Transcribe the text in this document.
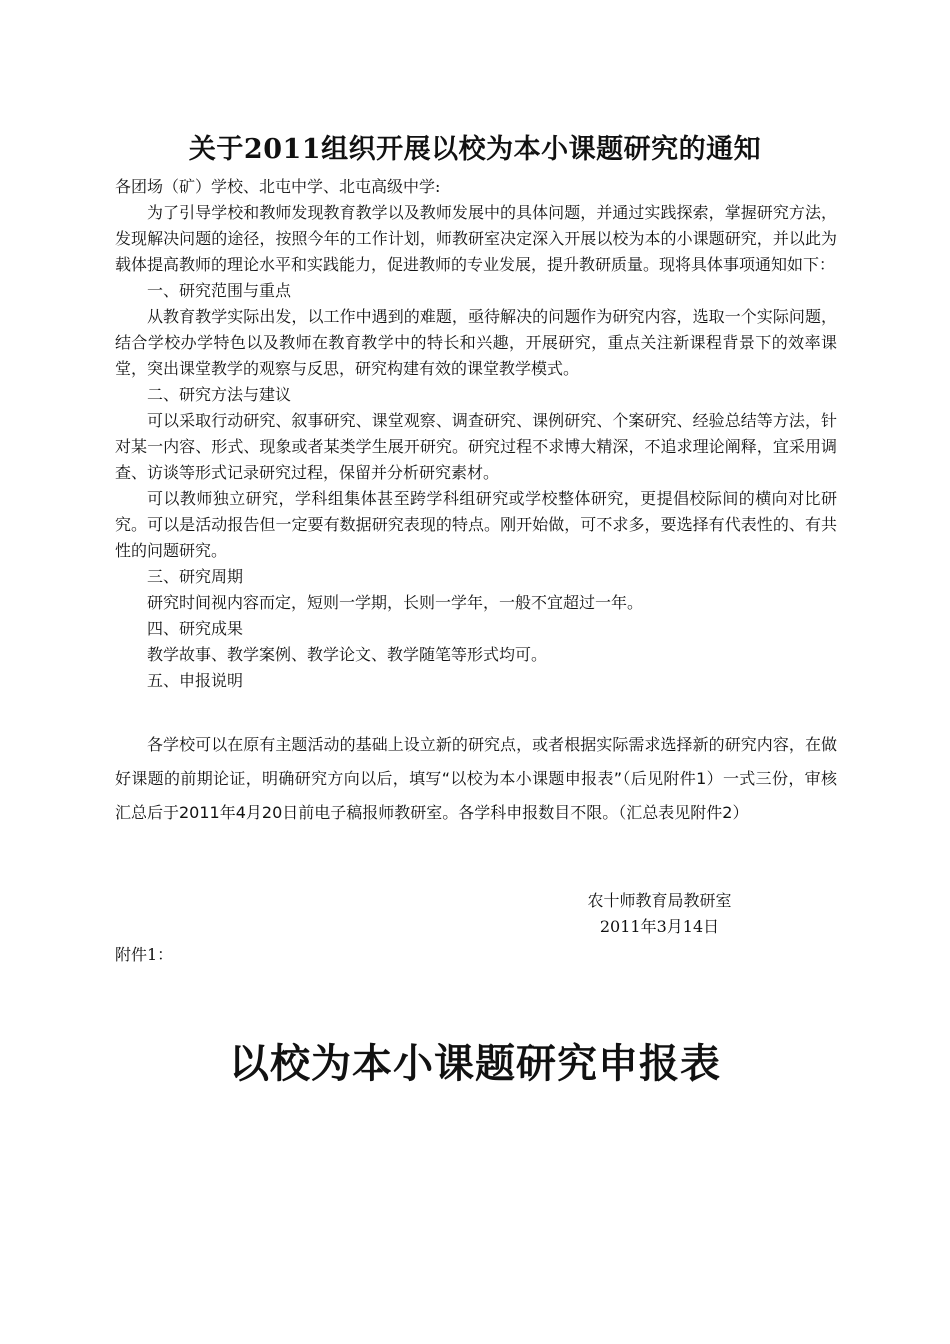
关于2011组织开展以校为本小课题研究的通知

各团场（矿）学校、北屯中学、北屯高级中学:

为了引导学校和教师发现教育教学以及教师发展中的具体问题，并通过实践探索，掌握研究方法，发现解决问题的途径，按照今年的工作计划，师教研室决定深入开展以校为本的小课题研究，并以此为载体提高教师的理论水平和实践能力，促进教师的专业发展，提升教研质量。现将具体事项通知如下：

一、研究范围与重点

从教育教学实际出发，以工作中遇到的难题，亟待解决的问题作为研究内容，选取一个实际问题，结合学校办学特色以及教师在教育教学中的特长和兴趣，开展研究，重点关注新课程背景下的效率课堂，突出课堂教学的观察与反思，研究构建有效的课堂教学模式。

二、研究方法与建议

可以采取行动研究、叙事研究、课堂观察、调查研究、课例研究、个案研究、经验总结等方法，针对某一内容、形式、现象或者某类学生展开研究。研究过程不求博大精深，不追求理论阐释，宜采用调查、访谈等形式记录研究过程，保留并分析研究素材。

可以教师独立研究，学科组集体甚至跨学科组研究或学校整体研究，更提倡校际间的横向对比研究。可以是活动报告但一定要有数据研究表现的特点。刚开始做，可不求多，要选择有代表性的、有共性的问题研究。

三、研究周期

研究时间视内容而定，短则一学期，长则一学年，一般不宜超过一年。

四、研究成果

教学故事、教学案例、教学论文、教学随笔等形式均可。

五、申报说明

各学校可以在原有主题活动的基础上设立新的研究点，或者根据实际需求选择新的研究内容，在做好课题的前期论证，明确研究方向以后，填写“以校为本小课题申报表”（后见附件1）一式三份，审核汇总后于2011年4月20日前电子稿报师教研室。各学科申报数目不限。（汇总表见附件2）

农十师教育局教研室
2011年3月14日
附件1：
以校为本小课题研究申报表
